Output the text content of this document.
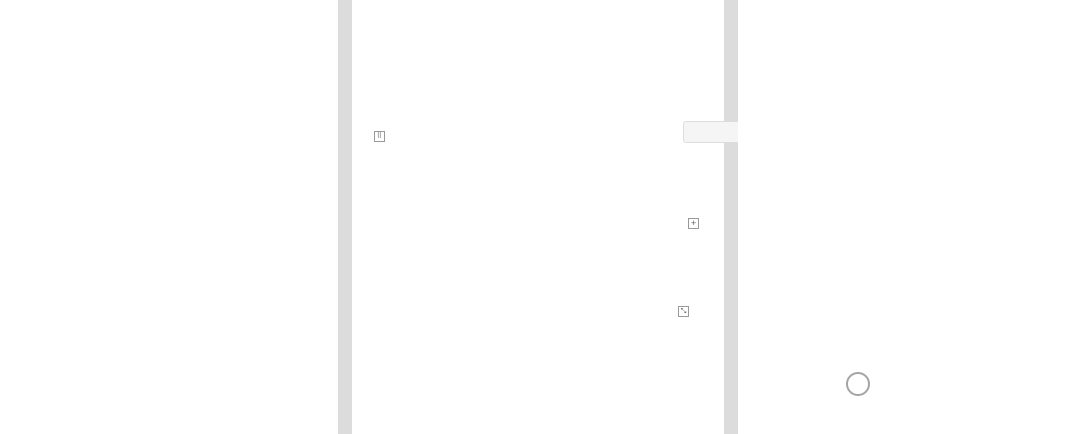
⠿
+
⤡
